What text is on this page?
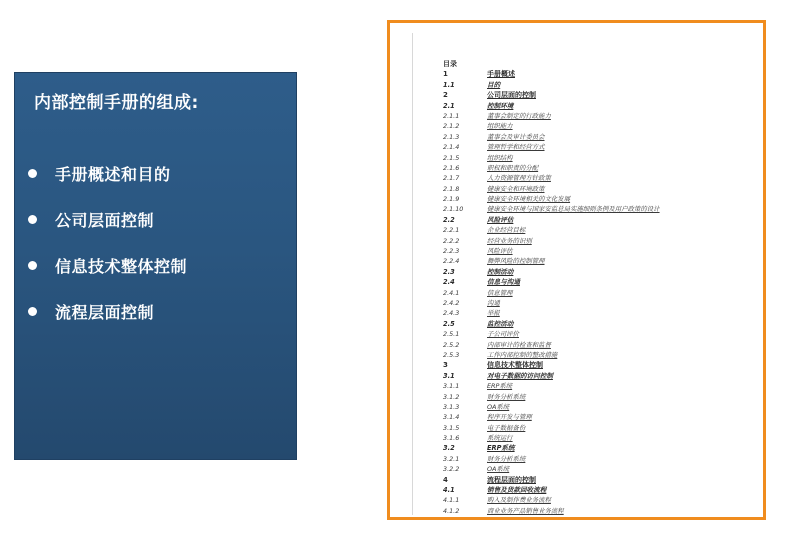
内部控制手册的组成:
手册概述和目的
公司层面控制
信息技术整体控制
流程层面控制
目录
1	手册概述
1.1	目的
2	公司层面的控制
2.1	控制环境
2.1.1	董事会制定的行政能力
2.1.2	组织能力
2.1.3	董事会及审计委员会
2.1.4	管理哲学和经营方式
2.1.5	组织结构
2.1.6	职权和职责的分配
2.1.7	人力资源管理方针政策
2.1.8	健康安全和环境政策
2.1.9	健康安全环境相关的文化发展
2.1.10	健康安全环境与国家安监总局实施细则条例及用户政策的设计
2.2	风险评估
2.2.1	企业经营目标
2.2.2	经营业务的识别
2.2.3	风险评估
2.2.4	舞弊风险的控制管理
2.3	控制活动
2.4	信息与沟通
2.4.1	信息管理
2.4.2	沟通
2.4.3	举报
2.5	监控活动
2.5.1	子公司评价
2.5.2	内部审计的检查和监督
2.5.3	工作内部控制的整改措施
3	信息技术整体控制
3.1	对电子数据的访问控制
3.1.1	ERP系统
3.1.2	财务分析系统
3.1.3	OA系统
3.1.4	程序开发与管理
3.1.5	电子数据备份
3.1.6	系统运行
3.2	ERP系统
3.2.1	财务分析系统
3.2.2	OA系统
4	流程层面的控制
4.1	销售及货款回收流程
4.1.1	购入及制作费业务流程
4.1.2	商业业务产品销售业务流程
